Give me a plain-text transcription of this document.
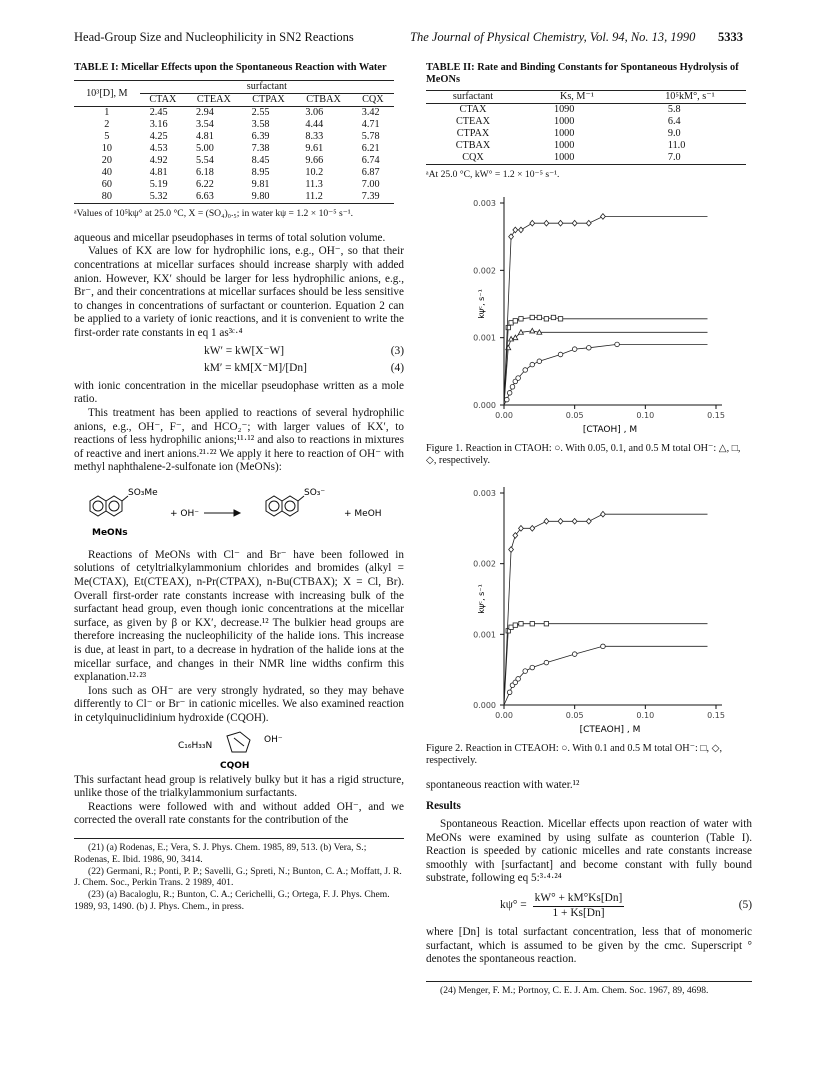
Head-Group Size and Nucleophilicity in SN2 Reactions	The Journal of Physical Chemistry, Vol. 94, No. 13, 1990 5333
TABLE I: Micellar Effects upon the Spontaneous Reaction with Water
10³[D], M	surfactant				
	CTAX	CTEAX	CTPAX	CTBAX	CQX
1	2.45	2.94	2.55	3.06	3.42
2	3.16	3.54	3.58	4.44	4.71
5	4.25	4.81	6.39	8.33	5.78
10	4.53	5.00	7.38	9.61	6.21
20	4.92	5.54	8.45	9.66	6.74
40	4.81	6.18	8.95	10.2	6.87
60	5.19	6.22	9.81	11.3	7.00
80	5.32	6.63	9.80	11.2	7.39
ᵃValues of 10⁵kψ° at 25.0 °C, X = (SO₄)₀.₅; in water kψ = 1.2 × 10⁻⁵ s⁻¹.

aqueous and micellar pseudophases in terms of total solution volume.

Values of KX are low for hydrophilic ions, e.g., OH⁻, so that their concentrations at micellar surfaces should increase sharply with added anion. However, KX′ should be larger for less hydrophilic anions, e.g., Br⁻, and their concentrations at micellar surfaces should be less sensitive to changes in concentrations of surfactant or counterion. Equation 2 can be applied to a variety of ionic reactions, and it is convenient to write the first-order rate constants in eq 1 as³ᶜ·⁴

kW′ = kW[X⁻W]	(3)
kM′ = kM[X⁻M]/[Dn]	(4)

with ionic concentration in the micellar pseudophase written as a mole ratio.

This treatment has been applied to reactions of several hydrophilic anions, e.g., OH⁻, F⁻, and HCO₂⁻; with larger values of KX′, to reactions of less hydrophilic anions;¹¹·¹² and also to reactions in mixtures of reactive and inert anions.²¹·²² We apply it here to reaction of OH⁻ with methyl naphthalene-2-sulfonate ion (MeONs):

SO₃Me
+ OH⁻
SO₃⁻
+ MeOH
MeONs

Reactions of MeONs with Cl⁻ and Br⁻ have been followed in solutions of cetyltrialkylammonium chlorides and bromides (alkyl = Me(CTAX), Et(CTEAX), n-Pr(CTPAX), n-Bu(CTBAX); X = Cl, Br). Overall first-order rate constants increase with increasing bulk of the surfactant head group, even though ionic concentrations at the micellar surface, as given by β or KX′, decrease.¹² The bulkier head groups are therefore increasing the nucleophilicity of the halide ions. This increase is due, at least in part, to a decrease in hydration of the halide ions at the micellar surface, and changes in their NMR line widths confirm this explanation.¹²·²³

Ions such as OH⁻ are very strongly hydrated, so they may behave differently to Cl⁻ or Br⁻ in cationic micelles. We also examined reaction in cetylquinuclidinium hydroxide (CQOH).

C₁₆H₃₃N
OH⁻
CQOH

This surfactant head group is relatively bulky but it has a rigid structure, unlike those of the trialkylammonium surfactants.

Reactions were followed with and without added OH⁻, and we corrected the overall rate constants for the contribution of the

(21) (a) Rodenas, E.; Vera, S. J. Phys. Chem. 1985, 89, 513. (b) Vera, S.; Rodenas, E. Ibid. 1986, 90, 3414.
(22) Germani, R.; Ponti, P. P.; Savelli, G.; Spreti, N.; Bunton, C. A.; Moffatt, J. R. J. Chem. Soc., Perkin Trans. 2 1989, 401.
(23) (a) Bacaloglu, R.; Bunton, C. A.; Cerichelli, G.; Ortega, F. J. Phys. Chem. 1989, 93, 1490. (b) J. Phys. Chem., in press.
TABLE II: Rate and Binding Constants for Spontaneous Hydrolysis of MeONs
surfactant	Ks, M⁻¹	10⁵kM°, s⁻¹
CTAX	1090	5.8
CTEAX	1000	6.4
CTPAX	1000	9.0
CTBAX	1000	11.0
CQX	1000	7.0
ᵃAt 25.0 °C, kW° = 1.2 × 10⁻⁵ s⁻¹.
0.000
0.001
0.002
0.003
0.00	0.05	0.10	0.15
[CTAOH] , M
kψᶜ, s⁻¹
Figure 1. Reaction in CTAOH: ○. With 0.05, 0.1, and 0.5 M total OH⁻: △, □, ◇, respectively.
0.000
0.001
0.002
0.003
0.00	0.05	0.10	0.15
[CTEAOH] , M
kψᶜ, s⁻¹
Figure 2. Reaction in CTEAOH: ○. With 0.1 and 0.5 M total OH⁻: □, ◇, respectively.

spontaneous reaction with water.¹²

Results

Spontaneous Reaction. Micellar effects upon reaction of water with MeONs were examined by using sulfate as counterion (Table I). Reaction is speeded by cationic micelles and rate constants increase smoothly with [surfactant] and become constant with fully bound substrate, following eq 5:³·⁴·²⁴

$k\psi^\circ = \frac{kW^\circ + kM^\circ Ks[Dn]}{1 + Ks[Dn]}$	(5)

where [Dn] is total surfactant concentration, less that of monomeric surfactant, which is assumed to be given by the cmc. Superscript ° denotes the spontaneous reaction.

(24) Menger, F. M.; Portnoy, C. E. J. Am. Chem. Soc. 1967, 89, 4698.
